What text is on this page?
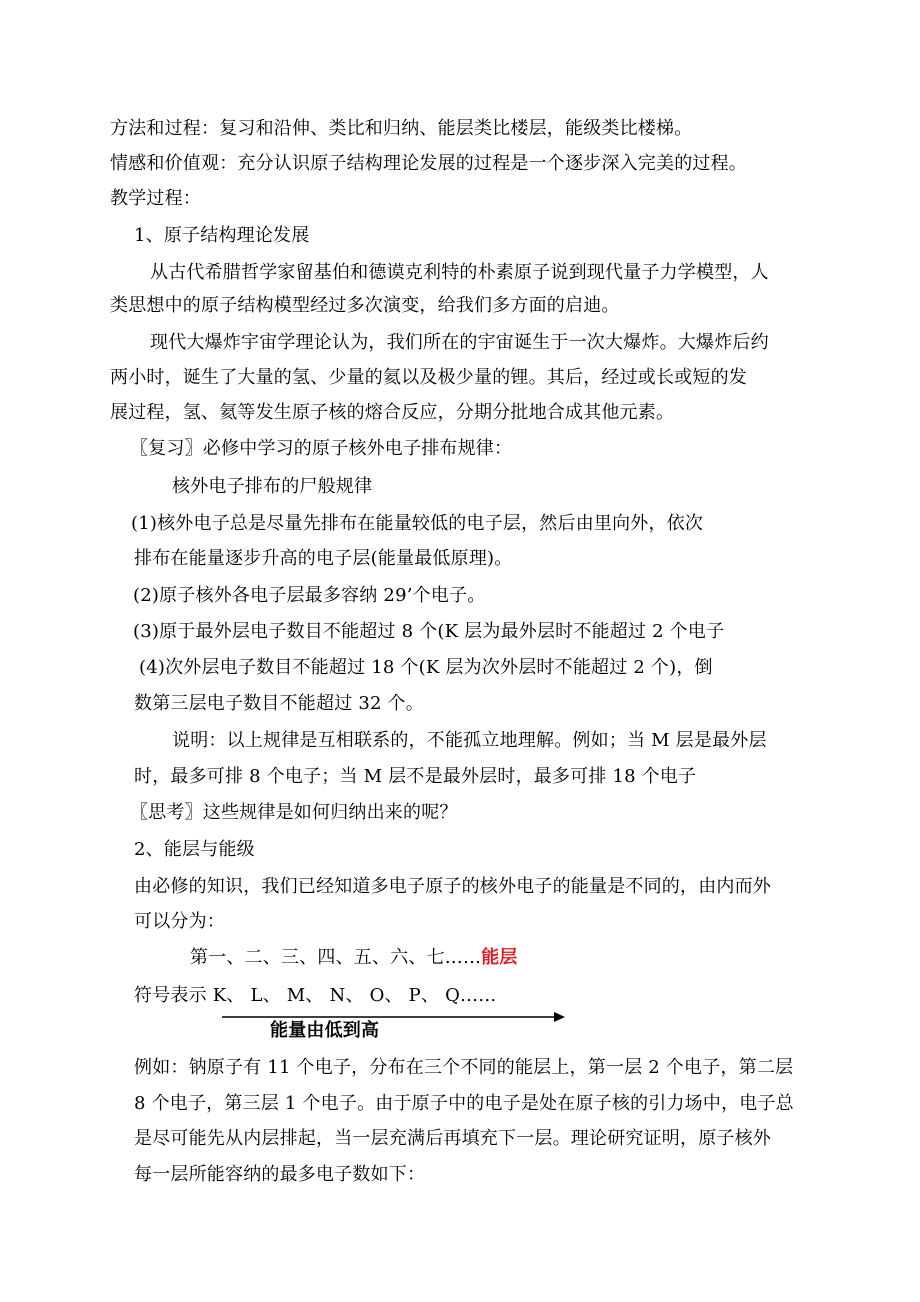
方法和过程：复习和沿伸、类比和归纳、能层类比楼层，能级类比楼梯。
情感和价值观：充分认识原子结构理论发展的过程是一个逐步深入完美的过程。
教学过程：
1、原子结构理论发展
从古代希腊哲学家留基伯和德谟克利特的朴素原子说到现代量子力学模型，人
类思想中的原子结构模型经过多次演变，给我们多方面的启迪。
现代大爆炸宇宙学理论认为，我们所在的宇宙诞生于一次大爆炸。大爆炸后约
两小时，诞生了大量的氢、少量的氦以及极少量的锂。其后，经过或长或短的发
展过程，氢、氦等发生原子核的熔合反应，分期分批地合成其他元素。
〖复习〗必修中学习的原子核外电子排布规律：
核外电子排布的尸般规律
(1)核外电子总是尽量先排布在能量较低的电子层，然后由里向外，依次
排布在能量逐步升高的电子层(能量最低原理)。
(2)原子核外各电子层最多容纳 29’个电子。
(3)原于最外层电子数目不能超过 8 个(K 层为最外层时不能超过 2 个电子
(4)次外层电子数目不能超过 18 个(K 层为次外层时不能超过 2 个)，倒
数第三层电子数目不能超过 32 个。
说明：以上规律是互相联系的，不能孤立地理解。例如；当 M 层是最外层
时，最多可排 8 个电子；当 M 层不是最外层时，最多可排 18 个电子
〖思考〗这些规律是如何归纳出来的呢？
2、能层与能级
由必修的知识，我们已经知道多电子原子的核外电子的能量是不同的，由内而外
可以分为：
第一、二、三、四、五、六、七……能层
符号表示 K、 L、 M、 N、 O、 P、 Q……
能量由低到高
例如：钠原子有 11 个电子，分布在三个不同的能层上，第一层 2 个电子，第二层
8 个电子，第三层 1 个电子。由于原子中的电子是处在原子核的引力场中，电子总
是尽可能先从内层排起，当一层充满后再填充下一层。理论研究证明，原子核外
每一层所能容纳的最多电子数如下：
